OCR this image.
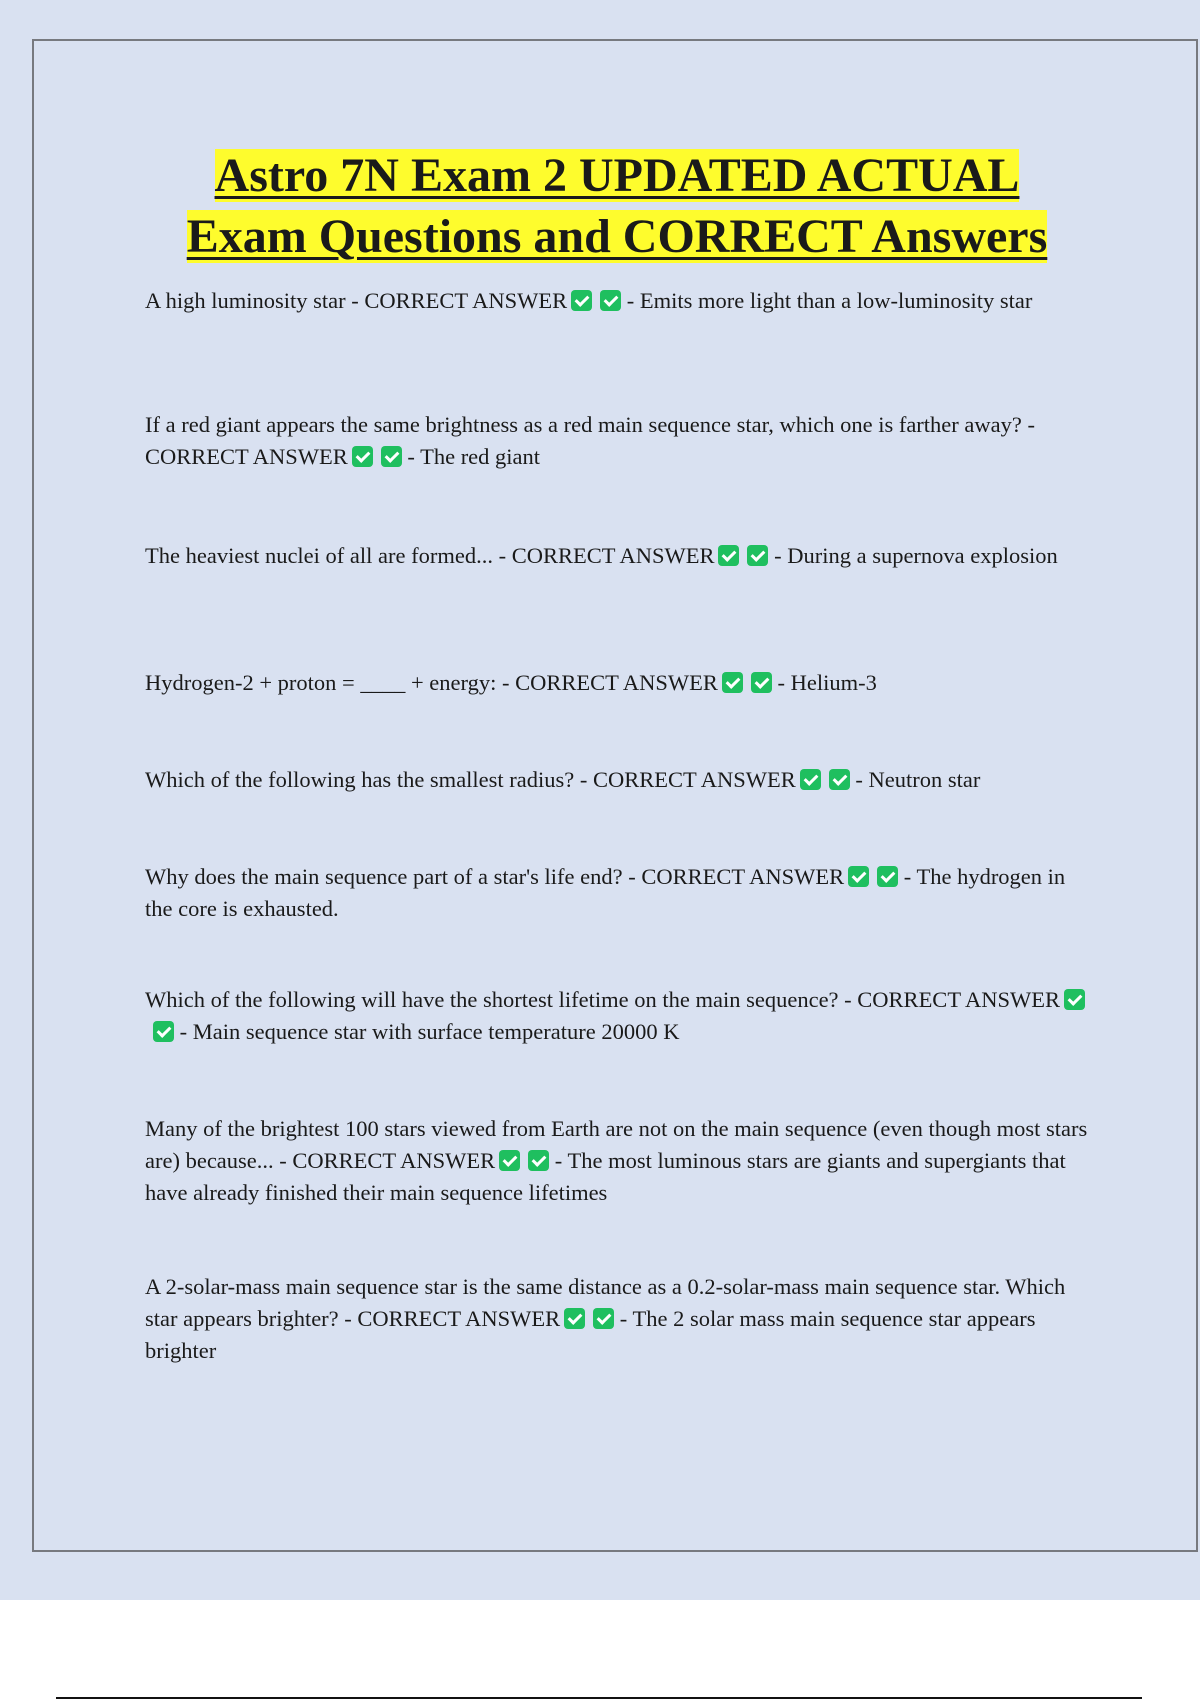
Astro 7N Exam 2 UPDATED ACTUAL
Exam Questions and CORRECT Answers
A high luminosity star - CORRECT ANSWER - Emits more light than a low-luminosity star
If a red giant appears the same brightness as a red main sequence star, which one is farther away? - CORRECT ANSWER - The red giant
The heaviest nuclei of all are formed... - CORRECT ANSWER - During a supernova explosion
Hydrogen-2 + proton = ____ + energy: - CORRECT ANSWER - Helium-3
Which of the following has the smallest radius? - CORRECT ANSWER - Neutron star
Why does the main sequence part of a star's life end? - CORRECT ANSWER - The hydrogen in the core is exhausted.
Which of the following will have the shortest lifetime on the main sequence? - CORRECT ANSWER - Main sequence star with surface temperature 20000 K
Many of the brightest 100 stars viewed from Earth are not on the main sequence (even though most stars are) because... - CORRECT ANSWER - The most luminous stars are giants and supergiants that have already finished their main sequence lifetimes
A 2-solar-mass main sequence star is the same distance as a 0.2-solar-mass main sequence star. Which star appears brighter? - CORRECT ANSWER - The 2 solar mass main sequence star appears brighter
